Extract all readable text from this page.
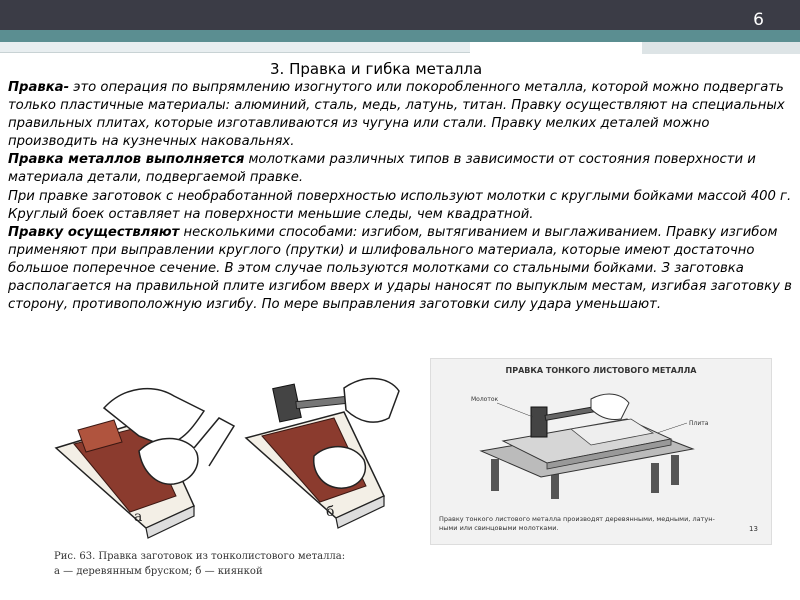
6
3. Правка и гибка металла
Правка- это операция по выпрямлению изогнутого или покоробленного металла, которой можно подвергать только пластичные материалы: алюминий, сталь, медь, латунь, титан. Правку осуществляют на специальных правильных плитах, которые изготавливаются из чугуна или стали. Правку мелких деталей можно производить на кузнечных наковальнях.
Правка металлов выполняется молотками различных типов в зависимости от состояния поверхности и материала детали, подвергаемой правке.
При правке заготовок с необработанной поверхностью используют молотки с круглыми бойками массой 400 г. Круглый боек оставляет на поверхности меньшие следы, чем квадратной.
Правку осуществляют несколькими способами: изгибом, вытягиванием и выглаживанием. Правку изгибом применяют при выправлении круглого (прутки) и шлифовального материала, которые имеют достаточно большое поперечное сечение. В этом случае пользуются молотками со стальными бойками. З заготовка располагается на правильной плите изгибом вверх и удары наносят по выпуклым местам, изгибая заготовку в сторону, противоположную изгибу. По мере выправления заготовки силу удара уменьшают.
а	б
Рис. 63. Правка заготовок из тонколистового металла:
а — деревянным бруском; б — киянкой
ПРАВКА ТОНКОГО ЛИСТОВОГО МЕТАЛЛА
Молоток
Плита
Правку тонкого листового металла производят деревянными, медными, латун-
ными или свинцовыми молотками.	13
